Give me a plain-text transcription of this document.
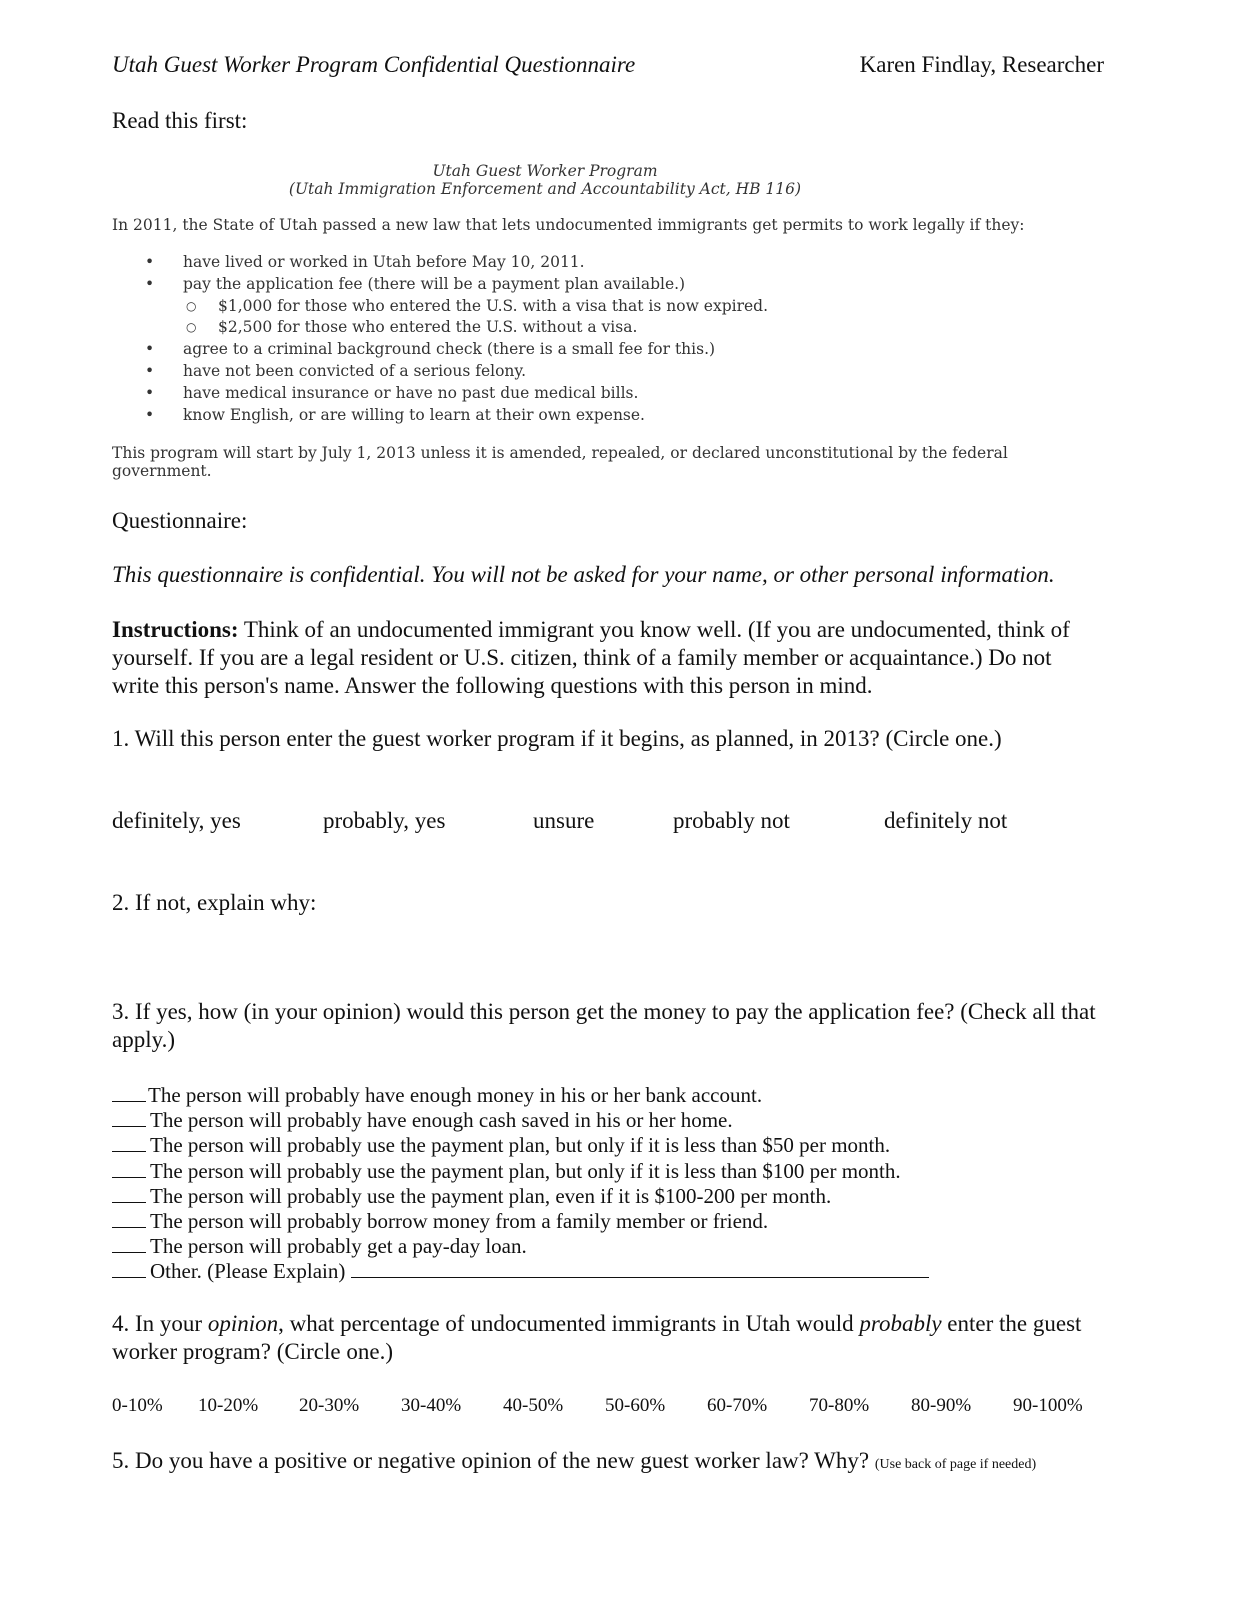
Utah Guest Worker Program Confidential Questionnaire	Karen Findlay, Researcher
Read this first:
Utah Guest Worker Program
(Utah Immigration Enforcement and Accountability Act, HB 116)
In 2011, the State of Utah passed a new law that lets undocumented immigrants get permits to work legally if they:
• have lived or worked in Utah before May 10, 2011.
• pay the application fee (there will be a payment plan available.)
○ $1,000 for those who entered the U.S. with a visa that is now expired.
○ $2,500 for those who entered the U.S. without a visa.
• agree to a criminal background check (there is a small fee for this.)
• have not been convicted of a serious felony.
• have medical insurance or have no past due medical bills.
• know English, or are willing to learn at their own expense.
This program will start by July 1, 2013 unless it is amended, repealed, or declared unconstitutional by the federal government.
Questionnaire:
This questionnaire is confidential. You will not be asked for your name, or other personal information.
Instructions: Think of an undocumented immigrant you know well. (If you are undocumented, think of yourself. If you are a legal resident or U.S. citizen, think of a family member or acquaintance.) Do not write this person's name. Answer the following questions with this person in mind.
1. Will this person enter the guest worker program if it begins, as planned, in 2013? (Circle one.)
definitely, yes	probably, yes	unsure	probably not	definitely not
2. If not, explain why:
3. If yes, how (in your opinion) would this person get the money to pay the application fee? (Check all that apply.)
The person will probably have enough money in his or her bank account.
The person will probably have enough cash saved in his or her home.
The person will probably use the payment plan, but only if it is less than $50 per month.
The person will probably use the payment plan, but only if it is less than $100 per month.
The person will probably use the payment plan, even if it is $100-200 per month.
The person will probably borrow money from a family member or friend.
The person will probably get a pay-day loan.
Other. (Please Explain)
4. In your opinion, what percentage of undocumented immigrants in Utah would probably enter the guest worker program? (Circle one.)
0-10% 10-20% 20-30% 30-40% 40-50% 50-60% 60-70% 70-80% 80-90% 90-100%
5. Do you have a positive or negative opinion of the new guest worker law? Why? (Use back of page if needed)
